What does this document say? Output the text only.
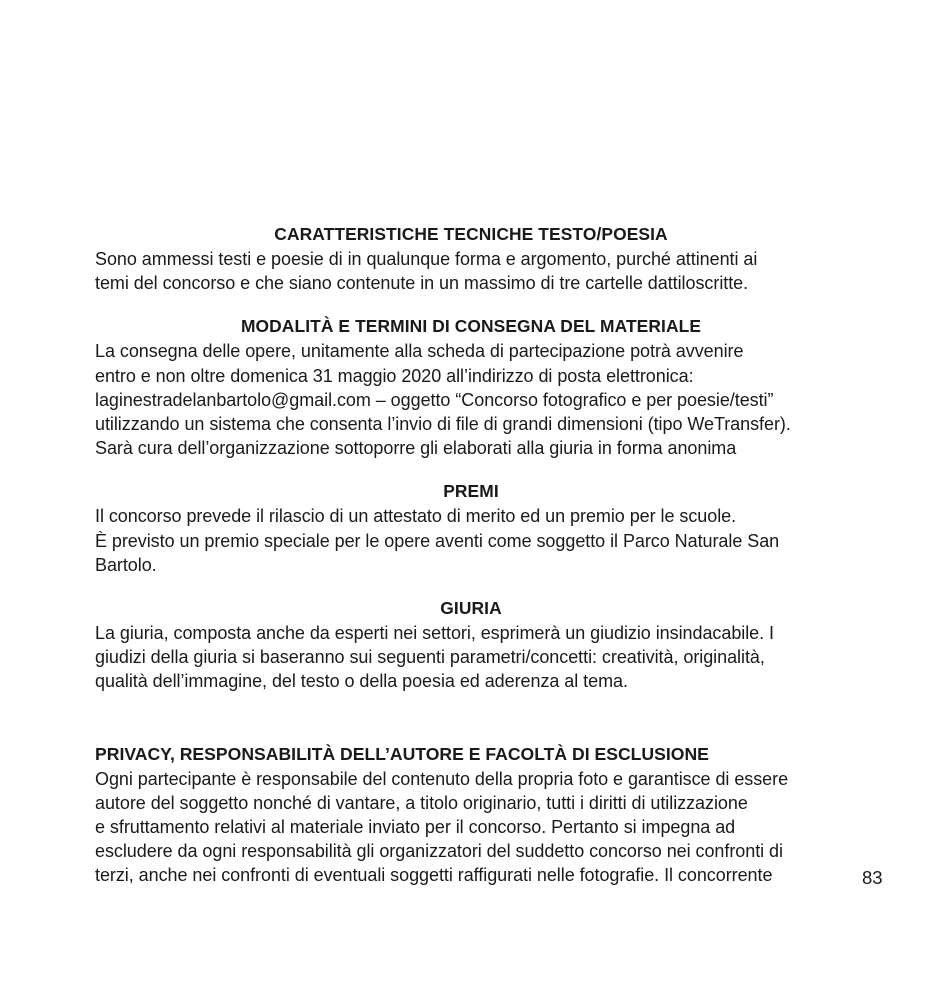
CARATTERISTICHE TECNICHE TESTO/POESIA
Sono ammessi testi e poesie di in qualunque forma e argomento, purché attinenti ai
temi del concorso e che siano contenute in un massimo di tre cartelle dattiloscritte.
MODALITÀ E TERMINI DI CONSEGNA DEL MATERIALE
La consegna delle opere, unitamente alla scheda di partecipazione potrà avvenire entro e non oltre domenica 31 maggio 2020 all’indirizzo di posta elettronica: laginestradelanbartolo@gmail.com – oggetto “Concorso fotografico e per poesie/testi” utilizzando un sistema che consenta l’invio di file di grandi dimensioni (tipo WeTransfer).
Sarà cura dell’organizzazione sottoporre gli elaborati alla giuria in forma anonima
PREMI
Il concorso prevede il rilascio di un attestato di merito ed un premio per le scuole.
È previsto un premio speciale per le opere aventi come soggetto il Parco Naturale San
Bartolo.
GIURIA
La giuria, composta anche da esperti nei settori, esprimerà un giudizio insindacabile. I giudizi della giuria si baseranno sui seguenti parametri/concetti: creatività, originalità,
qualità dell’immagine, del testo o della poesia ed aderenza al tema.
PRIVACY, RESPONSABILITÀ DELL’AUTORE E FACOLTÀ DI ESCLUSIONE
Ogni partecipante è responsabile del contenuto della propria foto e garantisce di essere autore del soggetto nonché di vantare, a titolo originario, tutti i diritti di utilizzazione e sfruttamento relativi al materiale inviato per il concorso. Pertanto si impegna ad escludere da ogni responsabilità gli organizzatori del suddetto concorso nei confronti di terzi, anche nei confronti di eventuali soggetti raffigurati nelle fotografie. Il concorrente	83
